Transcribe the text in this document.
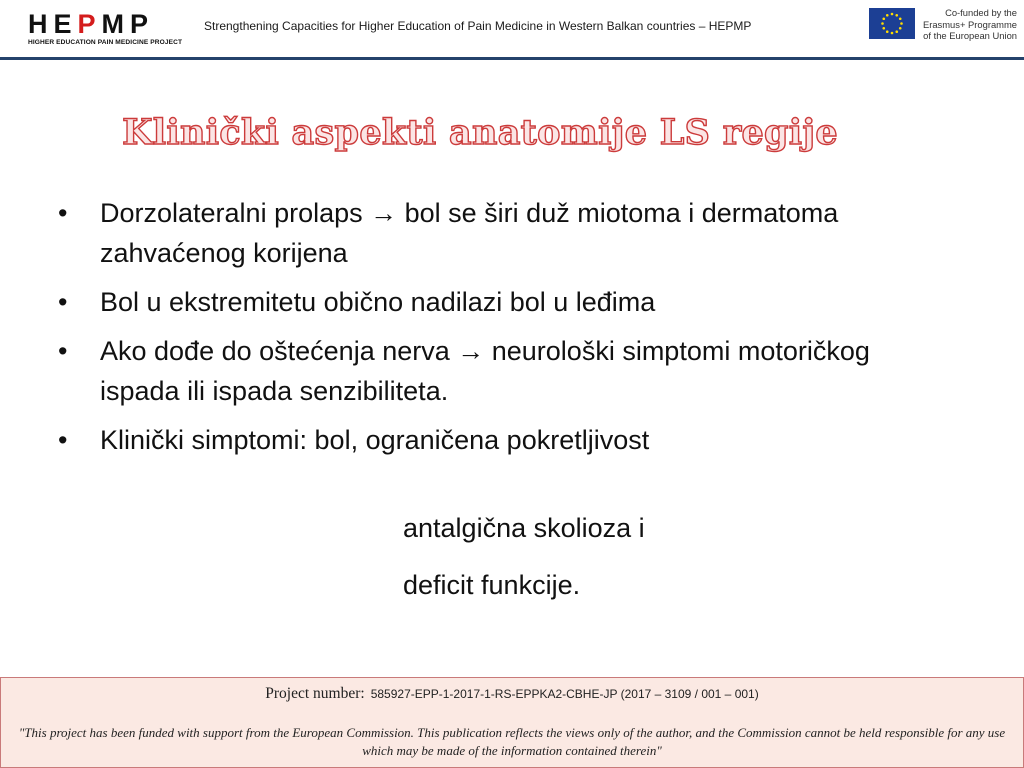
HEPMP
HIGHER EDUCATION PAIN MEDICINE PROJECT
Strengthening Capacities for Higher Education of Pain Medicine in Western Balkan countries – HEPMP
Co-funded by the
Erasmus+ Programme
of the European Union
Klinički aspekti anatomije LS regije
• Dorzolateralni prolaps → bol se širi duž miotoma i dermatoma zahvaćenog korijena
• Bol u ekstremitetu obično nadilazi bol u leđima
• Ako dođe do oštećenja nerva → neurološki simptomi motoričkog ispada ili ispada senzibiliteta.
• Klinički simptomi: bol, ograničena pokretljivost
antalgična skolioza i
deficit funkcije.
Project number: 585927-EPP-1-2017-1-RS-EPPKA2-CBHE-JP (2017 – 3109 / 001 – 001)
"This project has been funded with support from the European Commission. This publication reflects the views only of the author, and the Commission cannot be held responsible for any use which may be made of the information contained therein"
